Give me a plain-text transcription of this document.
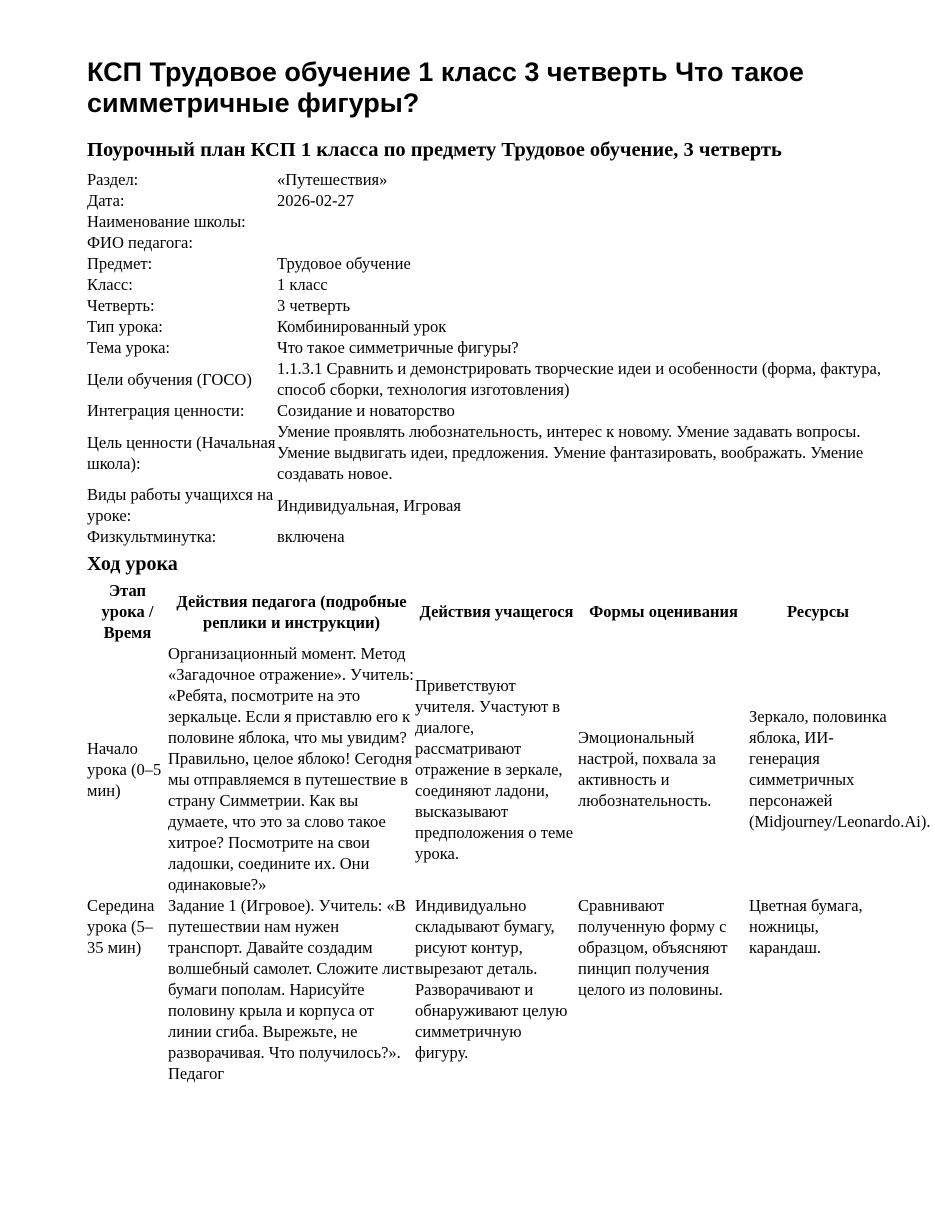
КСП Трудовое обучение 1 класс 3 четверть Что такое симметричные фигуры?
Поурочный план КСП 1 класса по предмету Трудовое обучение, 3 четверть
Раздел:	«Путешествия»
Дата:	2026-02-27
Наименование школы:	
ФИО педагога:	
Предмет:	Трудовое обучение
Класс:	1 класс
Четверть:	3 четверть
Тип урока:	Комбинированный урок
Тема урока:	Что такое симметричные фигуры?
Цели обучения (ГОСО)	1.1.3.1 Сравнить и демонстрировать творческие идеи и особенности (форма, фактура, способ сборки, технология изготовления)
Интеграция ценности:	Созидание и новаторство
Цель ценности (Начальная школа):	Умение проявлять любознательность, интерес к новому. Умение задавать вопросы. Умение выдвигать идеи, предложения. Умение фантазировать, воображать. Умение создавать новое.
Виды работы учащихся на уроке:	Индивидуальная, Игровая
Физкультминутка:	включена
Ход урока
Этап урока / Время	Действия педагога (подробные реплики и инструкции)	Действия учащегося	Формы оценивания	Ресурсы
Начало урока (0–5 мин)	Организационный момент. Метод «Загадочное отражение». Учитель: «Ребята, посмотрите на это зеркальце. Если я приставлю его к половине яблока, что мы увидим? Правильно, целое яблоко! Сегодня мы отправляемся в путешествие в страну Симметрии. Как вы думаете, что это за слово такое хитрое? Посмотрите на свои ладошки, соедините их. Они одинаковые?»	Приветствуют учителя. Участуют в диалоге, рассматривают отражение в зеркале, соединяют ладони, высказывают предположения о теме урока.	Эмоциональный настрой, похвала за активность и любознательность.	Зеркало, половинка яблока, ИИ-генерация симметричных персонажей (Midjourney/Leonardo.Ai).
Середина урока (5–35 мин)	Задание 1 (Игровое). Учитель: «В путешествии нам нужен транспорт. Давайте создадим волшебный самолет. Сложите лист бумаги пополам. Нарисуйте половину крыла и корпуса от линии сгиба. Вырежьте, не разворачивая. Что получилось?». Педагог	Индивидуально складывают бумагу, рисуют контур, вырезают деталь. Разворачивают и обнаруживают целую симметричную фигуру.	Сравнивают полученную форму с образцом, объясняют пинцип получения целого из половины.	Цветная бумага, ножницы, карандаш.
